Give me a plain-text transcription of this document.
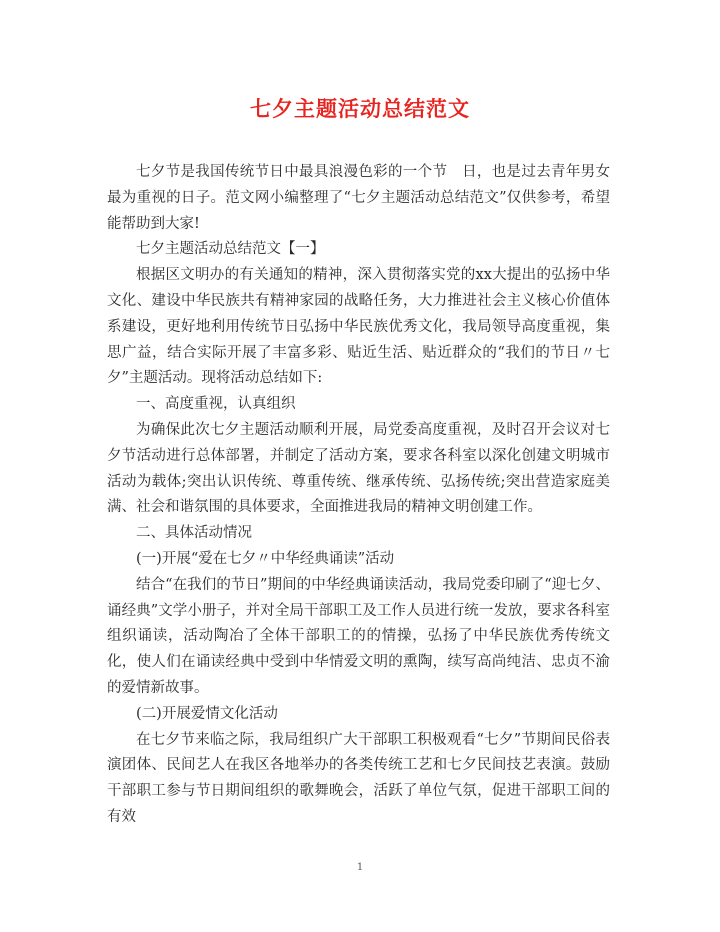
七夕主题活动总结范文

七夕节是我国传统节日中最具浪漫色彩的一个节　日，也是过去青年男女最为重视的日子。范文网小编整理了“七夕主题活动总结范文”仅供参考，希望能帮助到大家!

七夕主题活动总结范文【一】

根据区文明办的有关通知的精神，深入贯彻落实党的xx大提出的弘扬中华文化、建设中华民族共有精神家园的战略任务，大力推进社会主义核心价值体系建设，更好地利用传统节日弘扬中华民族优秀文化，我局领导高度重视，集思广益，结合实际开展了丰富多彩、贴近生活、贴近群众的“我们的节日〃七夕”主题活动。现将活动总结如下:

一、高度重视，认真组织

为确保此次七夕主题活动顺利开展，局党委高度重视，及时召开会议对七夕节活动进行总体部署，并制定了活动方案，要求各科室以深化创建文明城市活动为载体;突出认识传统、尊重传统、继承传统、弘扬传统;突出营造家庭美满、社会和谐氛围的具体要求，全面推进我局的精神文明创建工作。

二、具体活动情况

(一)开展“爱在七夕〃中华经典诵读”活动

结合“在我们的节日”期间的中华经典诵读活动，我局党委印刷了“迎七夕、诵经典”文学小册子，并对全局干部职工及工作人员进行统一发放，要求各科室组织诵读，活动陶冶了全体干部职工的的情操，弘扬了中华民族优秀传统文化，使人们在诵读经典中受到中华情爱文明的熏陶，续写高尚纯洁、忠贞不渝的爱情新故事。

(二)开展爱情文化活动

在七夕节来临之际，我局组织广大干部职工积极观看“七夕”节期间民俗表演团体、民间艺人在我区各地举办的各类传统工艺和七夕民间技艺表演。鼓励干部职工参与节日期间组织的歌舞晚会，活跃了单位气氛，促进干部职工间的有效

1
